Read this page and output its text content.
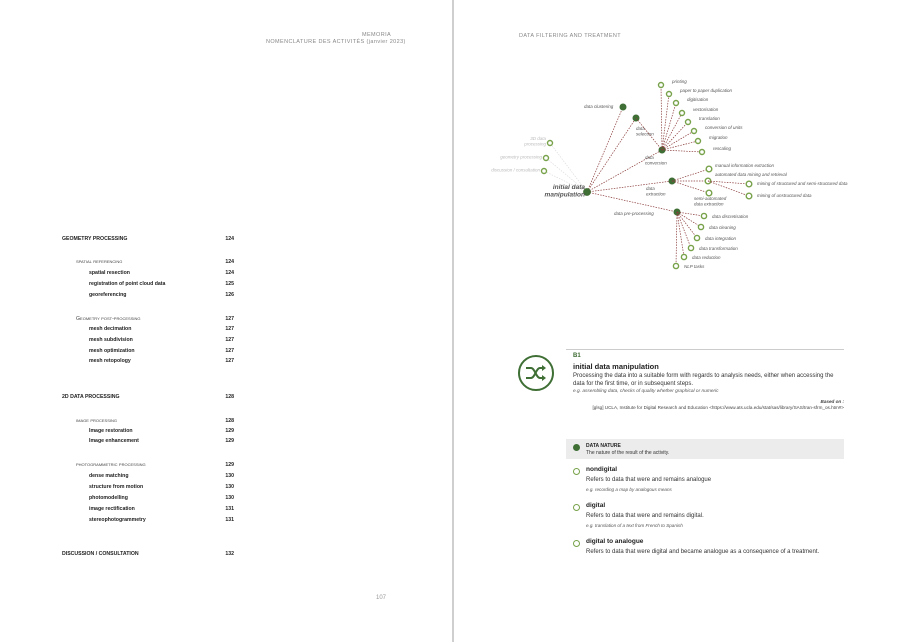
MEMORIA
NOMENCLATURE DES ACTIVITÉS (janvier 2023)
GEOMETRY PROCESSING	124
spatial referencing	124
spatial resection	124
registration of point cloud data	125
georeferencing	126
Geometry post-processing	127
mesh decimation	127
mesh subdivision	127
mesh optimization	127
mesh retopology	127
2D DATA PROCESSING	128
image processing	128
Image restoration	129
Image enhancement	129
photogrammetric processing	129
dense matching	130
structure from motion	130
photomodelling	130
image rectification	131
stereophotogrammetry	131
DISCUSSION / CONSULTATION	132
107
DATA FILTERING AND TREATMENT
3D data
processing
geometry processing
discussion / consultation
data clustering
data
selection
data
conversion
data
extraction
data pre-processing
printing
paper to paper duplication
digitisation
vectorisation
translation
conversion of units
migration
rescaling
manual information extraction
automated data mining and retrieval
semi-automated
data extraction
mining of structured and semi-structured data
mining of unstructured data
data discretisation
data cleaning
data integration
data transformation
data reduction
NLP tasks
initial data
manipulation
B1
initial data manipulation
Processing the data into a suitable form with regards to analysis needs, either when accessing the data for the first time, or in subsequent steps.
e.g. assembling data, checks of quality whether graphical or numeric
Based on :
[glsg] UCLA, Institute for Digital Research and Education <https://www.ats.ucla.edu/stat/sas/library/SAS/tran-sfrm_os.htm#>
DATA NATURE
The nature of the result of the activity.
nondigital
Refers to data that were and remains analogue
e.g. recording a map by analogous means
digital
Refers to data that were and remains digital.
e.g. translation of a text from French to Spanish
digital to analogue
Refers to data that were digital and became analogue as a consequence of a treatment.
